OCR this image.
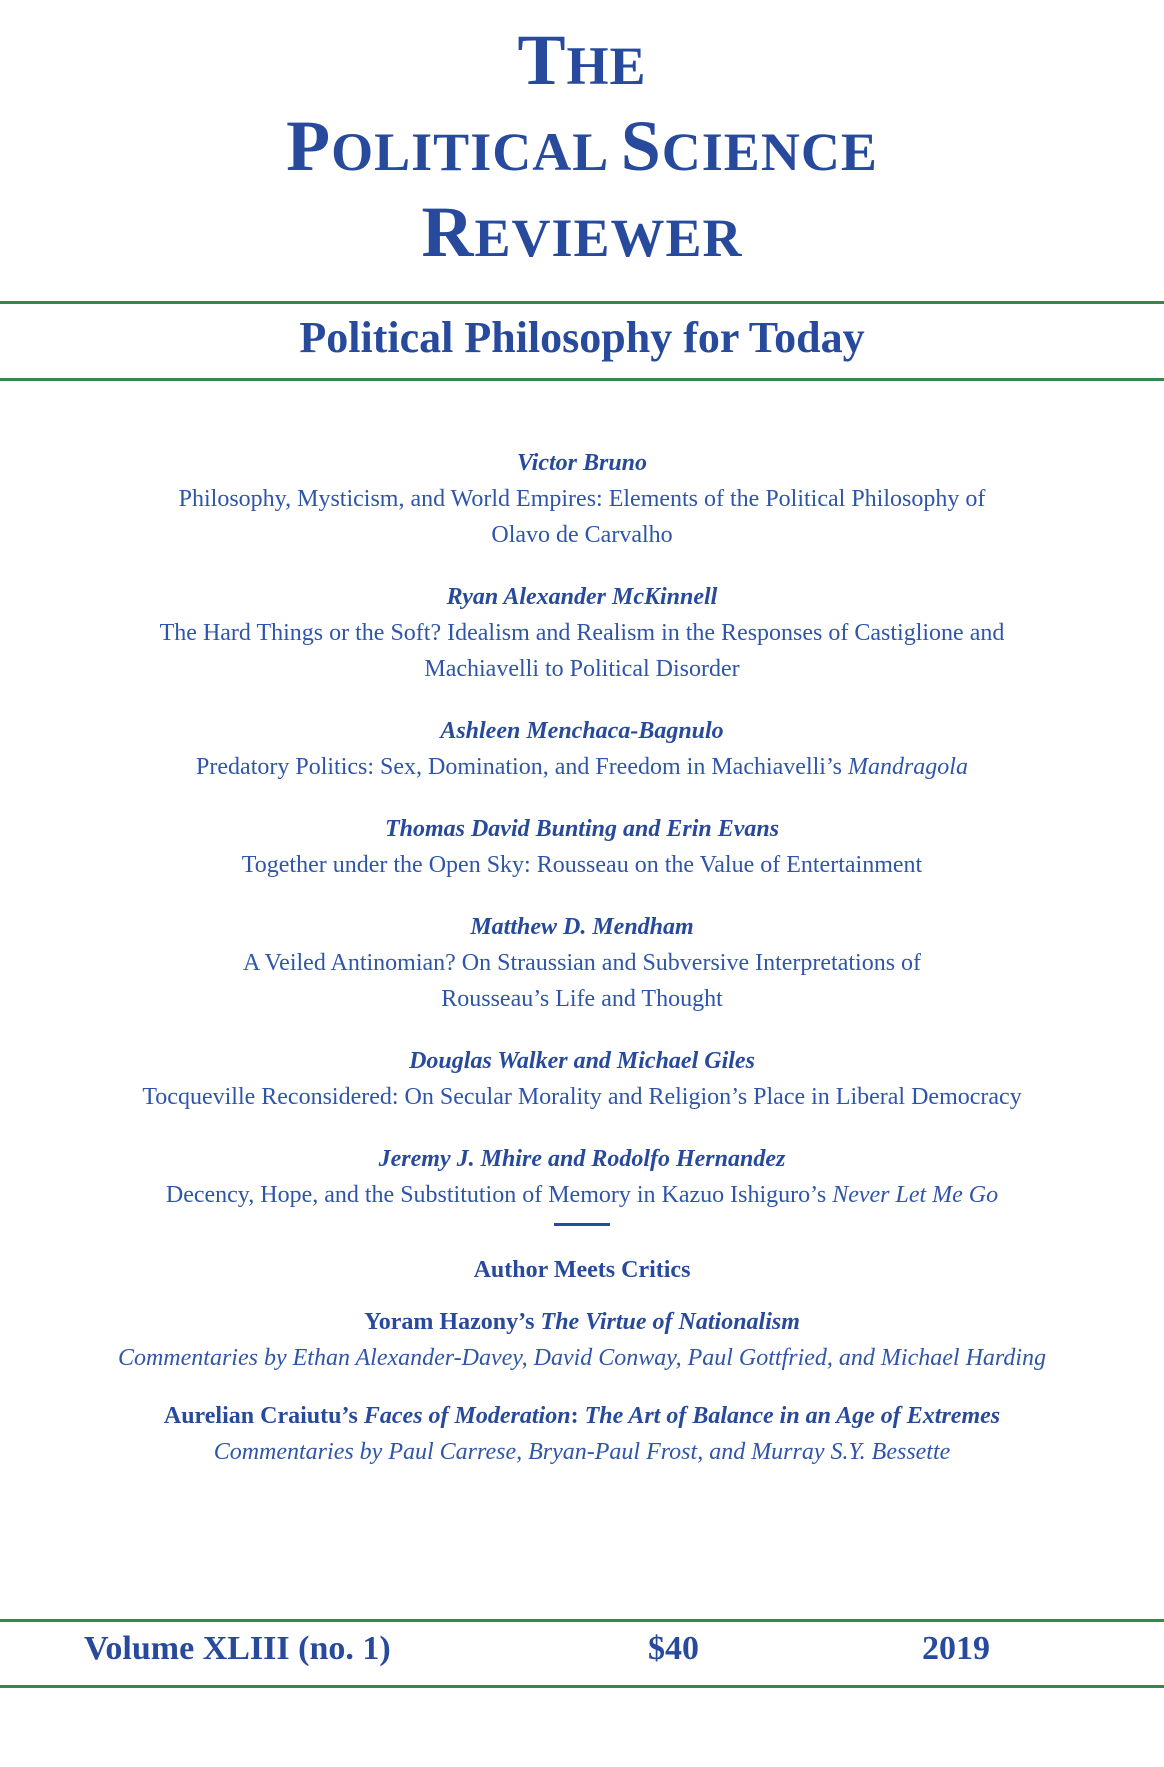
THE
POLITICAL SCIENCE
REVIEWER
Political Philosophy for Today
Victor Bruno
Philosophy, Mysticism, and World Empires: Elements of the Political Philosophy of
Olavo de Carvalho
Ryan Alexander McKinnell
The Hard Things or the Soft? Idealism and Realism in the Responses of Castiglione and
Machiavelli to Political Disorder
Ashleen Menchaca-Bagnulo
Predatory Politics: Sex, Domination, and Freedom in Machiavelli’s Mandragola
Thomas David Bunting and Erin Evans
Together under the Open Sky: Rousseau on the Value of Entertainment
Matthew D. Mendham
A Veiled Antinomian? On Straussian and Subversive Interpretations of
Rousseau’s Life and Thought
Douglas Walker and Michael Giles
Tocqueville Reconsidered: On Secular Morality and Religion’s Place in Liberal Democracy
Jeremy J. Mhire and Rodolfo Hernandez
Decency, Hope, and the Substitution of Memory in Kazuo Ishiguro’s Never Let Me Go
Author Meets Critics
Yoram Hazony’s The Virtue of Nationalism
Commentaries by Ethan Alexander-Davey, David Conway, Paul Gottfried, and Michael Harding
Aurelian Craiutu’s Faces of Moderation: The Art of Balance in an Age of Extremes
Commentaries by Paul Carrese, Bryan-Paul Frost, and Murray S.Y. Bessette
Volume XLIII (no. 1)	$40	2019
